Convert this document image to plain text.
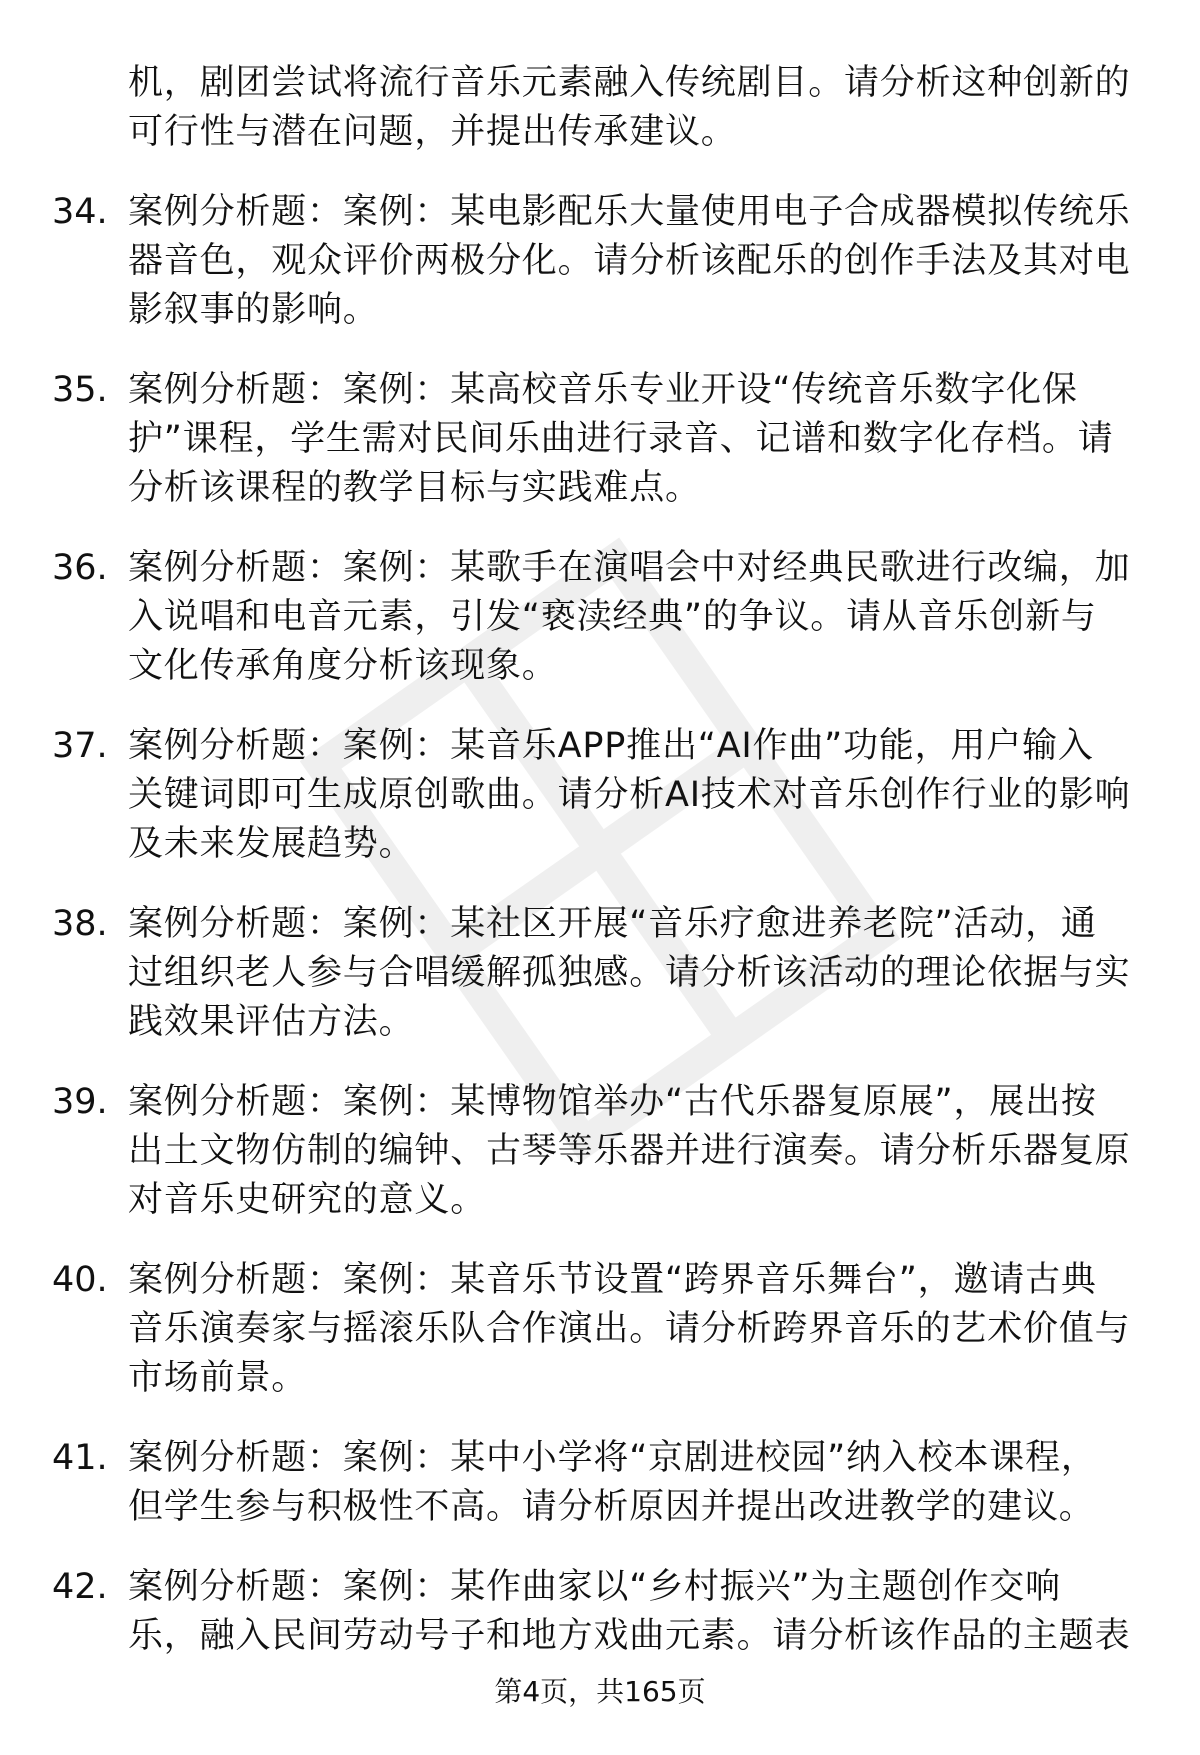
机，剧团尝试将流行音乐元素融入传统剧目。请分析这种创新的
可行性与潜在问题，并提出传承建议。
34. 案例分析题：案例：某电影配乐大量使用电子合成器模拟传统乐
器音色，观众评价两极分化。请分析该配乐的创作手法及其对电
影叙事的影响。
35. 案例分析题：案例：某高校音乐专业开设“传统音乐数字化保
护”课程，学生需对民间乐曲进行录音、记谱和数字化存档。请
分析该课程的教学目标与实践难点。
36. 案例分析题：案例：某歌手在演唱会中对经典民歌进行改编，加
入说唱和电音元素，引发“亵渎经典”的争议。请从音乐创新与
文化传承角度分析该现象。
37. 案例分析题：案例：某音乐APP推出“AI作曲”功能，用户输入
关键词即可生成原创歌曲。请分析AI技术对音乐创作行业的影响
及未来发展趋势。
38. 案例分析题：案例：某社区开展“音乐疗愈进养老院”活动，通
过组织老人参与合唱缓解孤独感。请分析该活动的理论依据与实
践效果评估方法。
39. 案例分析题：案例：某博物馆举办“古代乐器复原展”，展出按
出土文物仿制的编钟、古琴等乐器并进行演奏。请分析乐器复原
对音乐史研究的意义。
40. 案例分析题：案例：某音乐节设置“跨界音乐舞台”，邀请古典
音乐演奏家与摇滚乐队合作演出。请分析跨界音乐的艺术价值与
市场前景。
41. 案例分析题：案例：某中小学将“京剧进校园”纳入校本课程，
但学生参与积极性不高。请分析原因并提出改进教学的建议。
42. 案例分析题：案例：某作曲家以“乡村振兴”为主题创作交响
乐，融入民间劳动号子和地方戏曲元素。请分析该作品的主题表
第4页，共165页
